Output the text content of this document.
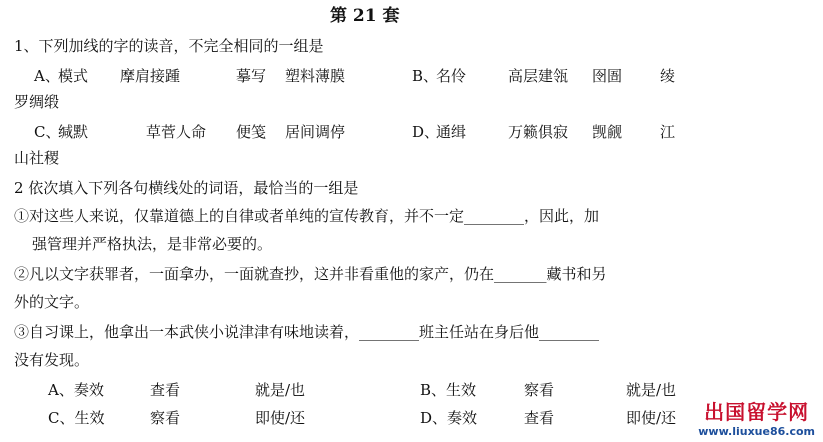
第 21 套
1、下列加线的字的读音，不完全相同的一组是
A、
模式 摩肩接踵	摹写 塑料薄膜	B、
名伶	高层建瓴 囹圄	绫
罗绸缎
C、
缄默	草菅人命 便笺 居间调停	D、
通缉	万籁俱寂 觊觎	江
山社稷
2 依次填入下列各句横线处的词语，最恰当的一组是
①对这些人来说，仅靠道德上的自律或者单纯的宣传教育，并不一定________，因此，加
强管理并严格执法，是非常必要的。
②凡以文字获罪者，一面拿办，一面就查抄，这并非看重他的家产，仍在_______藏书和另
外的文字。
③自习课上，他拿出一本武侠小说津津有味地读着，________班主任站在身后他________
没有发现。
A、奏效	查看	就是/也	B、生效	察看	就是/也
C、生效	察看	即使/还	D、奏效	查看	即使/还 出国留学网
www.liuxue86.com
